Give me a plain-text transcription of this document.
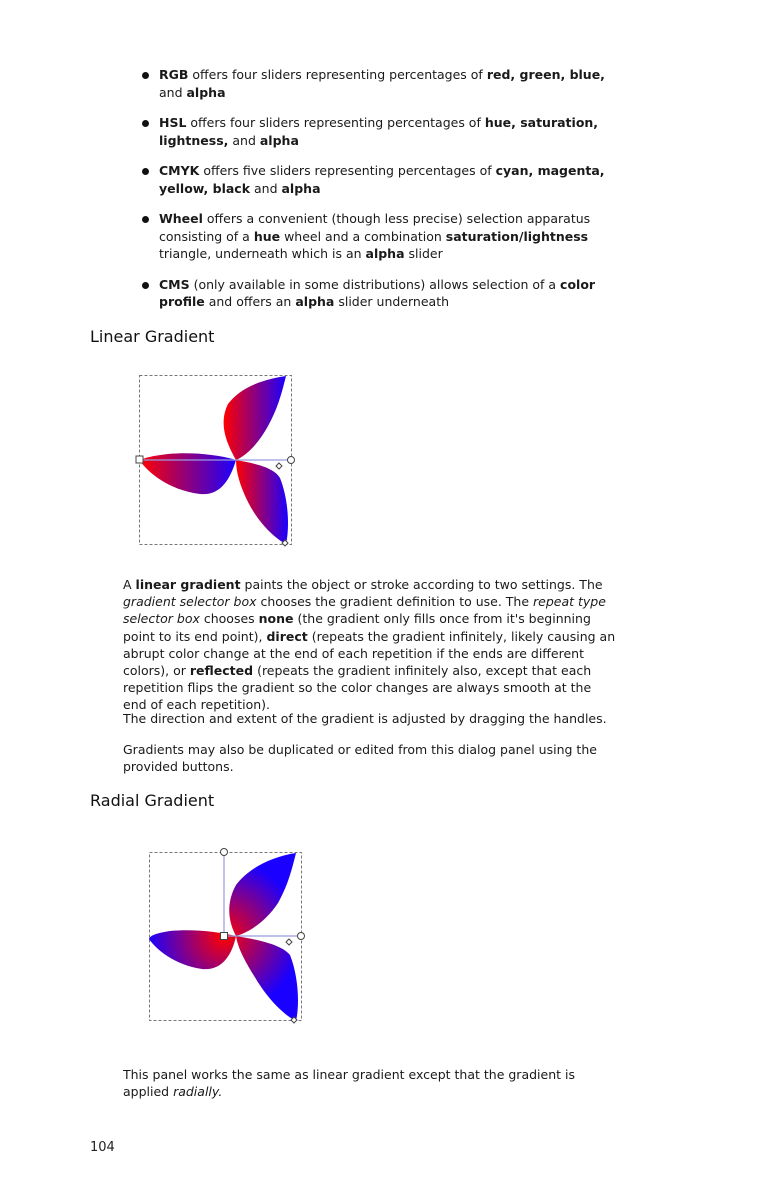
RGB offers four sliders representing percentages of red, green, blue, and alpha
HSL offers four sliders representing percentages of hue, saturation, lightness, and alpha
CMYK offers five sliders representing percentages of cyan, magenta, yellow, black and alpha
Wheel offers a convenient (though less precise) selection apparatus consisting of a hue wheel and a combination saturation/lightness triangle, underneath which is an alpha slider
CMS (only available in some distributions) allows selection of a color profile and offers an alpha slider underneath
Linear Gradient

A linear gradient paints the object or stroke according to two settings. The gradient selector box chooses the gradient definition to use. The repeat type selector box chooses none (the gradient only fills once from it's beginning point to its end point), direct (repeats the gradient infinitely, likely causing an abrupt color change at the end of each repetition if the ends are different colors), or reflected (repeats the gradient infinitely also, except that each repetition flips the gradient so the color changes are always smooth at the end of each repetition).

The direction and extent of the gradient is adjusted by dragging the handles.

Gradients may also be duplicated or edited from this dialog panel using the provided buttons.

Radial Gradient

This panel works the same as linear gradient except that the gradient is applied radially.

104
